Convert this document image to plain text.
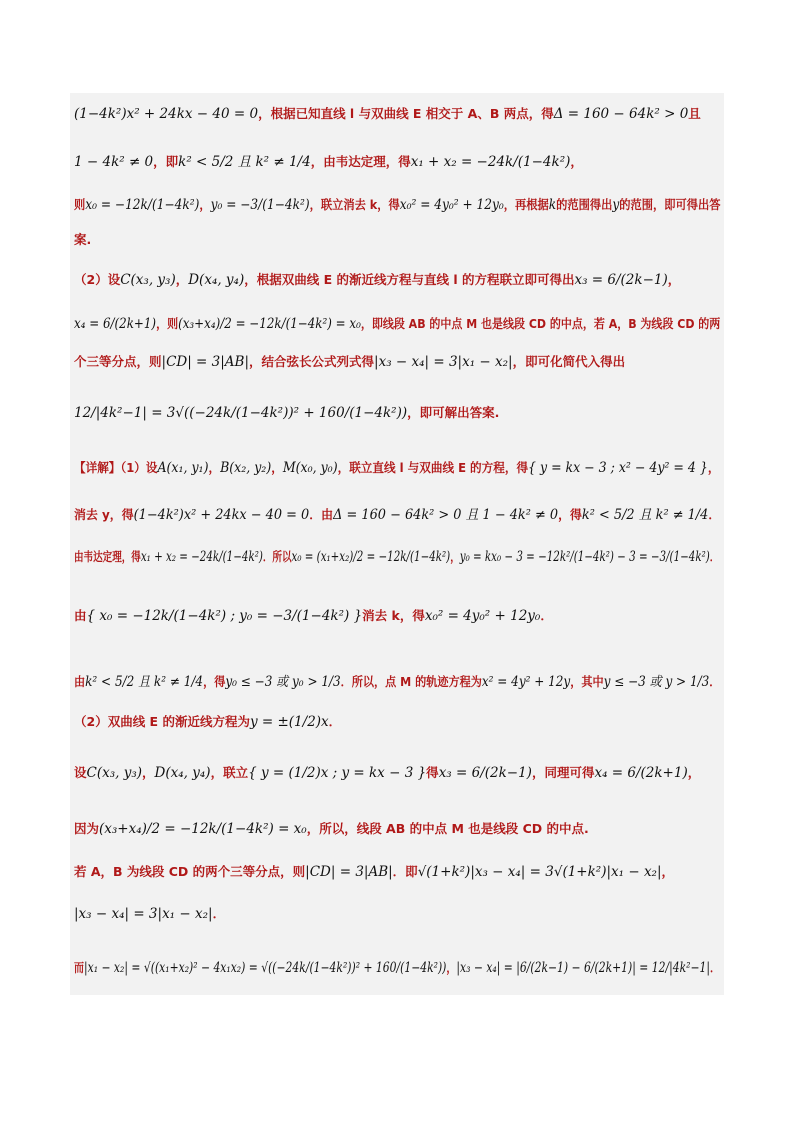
(1−4k²)x² + 24kx − 40 = 0，根据已知直线 l 与双曲线 E 相交于 A、B 两点，得Δ = 160 − 64k² > 0且
1 − 4k² ≠ 0，即k² < 5/2 且 k² ≠ 1/4，由韦达定理，得x₁ + x₂ = −24k/(1−4k²)，
则x₀ = −12k/(1−4k²)，y₀ = −3/(1−4k²)，联立消去 k，得x₀² = 4y₀² + 12y₀，再根据k的范围得出y的范围，即可得出答
案.
（2）设C(x₃, y₃)，D(x₄, y₄)，根据双曲线 E 的渐近线方程与直线 l 的方程联立即可得出x₃ = 6/(2k−1)，
x₄ = 6/(2k+1)，则(x₃+x₄)/2 = −12k/(1−4k²) = x₀，即线段 AB 的中点 M 也是线段 CD 的中点，若 A，B 为线段 CD 的两
个三等分点，则|CD| = 3|AB|，结合弦长公式列式得|x₃ − x₄| = 3|x₁ − x₂|，即可化简代入得出
12/|4k²−1| = 3√((−24k/(1−4k²))² + 160/(1−4k²))，即可解出答案.
【详解】（1）设A(x₁, y₁)，B(x₂, y₂)，M(x₀, y₀)，联立直线 l 与双曲线 E 的方程，得{ y = kx − 3 ; x² − 4y² = 4 }，
消去 y，得(1−4k²)x² + 24kx − 40 = 0．由Δ = 160 − 64k² > 0 且 1 − 4k² ≠ 0，得k² < 5/2 且 k² ≠ 1/4．
由韦达定理，得x₁ + x₂ = −24k/(1−4k²)．所以x₀ = (x₁+x₂)/2 = −12k/(1−4k²)，y₀ = kx₀ − 3 = −12k²/(1−4k²) − 3 = −3/(1−4k²)．
由{ x₀ = −12k/(1−4k²) ; y₀ = −3/(1−4k²) }消去 k，得x₀² = 4y₀² + 12y₀．
由k² < 5/2 且 k² ≠ 1/4，得y₀ ≤ −3 或 y₀ > 1/3．所以，点 M 的轨迹方程为x² = 4y² + 12y，其中y ≤ −3 或 y > 1/3．
（2）双曲线 E 的渐近线方程为y = ±(1/2)x．
设C(x₃, y₃)，D(x₄, y₄)，联立{ y = (1/2)x ; y = kx − 3 }得x₃ = 6/(2k−1)，同理可得x₄ = 6/(2k+1)，
因为(x₃+x₄)/2 = −12k/(1−4k²) = x₀，所以，线段 AB 的中点 M 也是线段 CD 的中点.
若 A，B 为线段 CD 的两个三等分点，则|CD| = 3|AB|．即√(1+k²)|x₃ − x₄| = 3√(1+k²)|x₁ − x₂|，
|x₃ − x₄| = 3|x₁ − x₂|．
而|x₁ − x₂| = √((x₁+x₂)² − 4x₁x₂) = √((−24k/(1−4k²))² + 160/(1−4k²))，|x₃ − x₄| = |6/(2k−1) − 6/(2k+1)| = 12/|4k²−1|．
